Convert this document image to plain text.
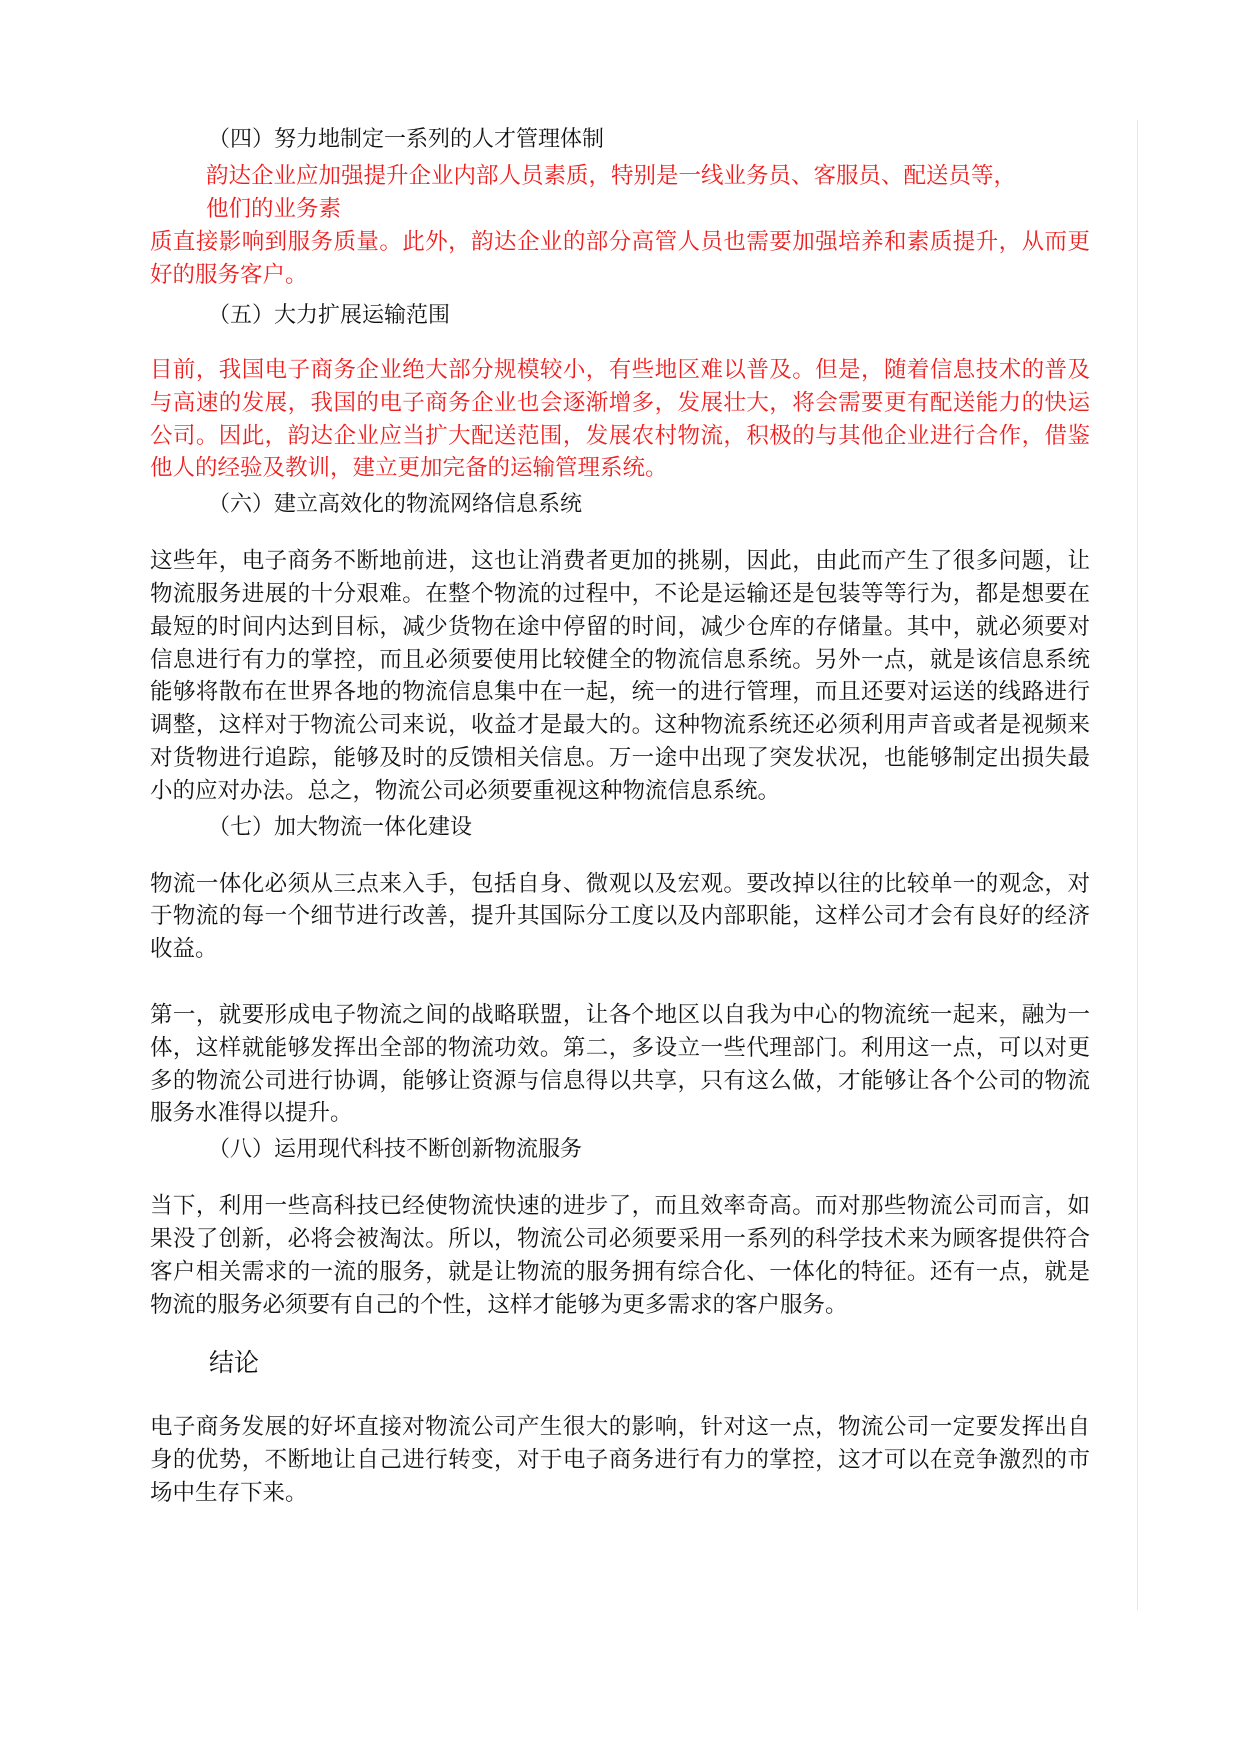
（四）努力地制定一系列的人才管理体制
韵达企业应加强提升企业内部人员素质，特别是一线业务员、客服员、配送员等，
他们的业务素
质直接影响到服务质量。此外，韵达企业的部分高管人员也需要加强培养和素质提升，从而更好的服务客户。
（五）大力扩展运输范围

目前，我国电子商务企业绝大部分规模较小，有些地区难以普及。但是，随着信息技术的普及与高速的发展，我国的电子商务企业也会逐渐增多，发展壮大，将会需要更有配送能力的快运公司。因此，韵达企业应当扩大配送范围，发展农村物流，积极的与其他企业进行合作，借鉴他人的经验及教训，建立更加完备的运输管理系统。

（六）建立高效化的物流网络信息系统

这些年，电子商务不断地前进，这也让消费者更加的挑剔，因此，由此而产生了很多问题，让物流服务进展的十分艰难。在整个物流的过程中，不论是运输还是包装等等行为，都是想要在最短的时间内达到目标，减少货物在途中停留的时间，减少仓库的存储量。其中，就必须要对信息进行有力的掌控，而且必须要使用比较健全的物流信息系统。另外一点，就是该信息系统能够将散布在世界各地的物流信息集中在一起，统一的进行管理，而且还要对运送的线路进行调整，这样对于物流公司来说，收益才是最大的。这种物流系统还必须利用声音或者是视频来对货物进行追踪，能够及时的反馈相关信息。万一途中出现了突发状况，也能够制定出损失最小的应对办法。总之，物流公司必须要重视这种物流信息系统。

（七）加大物流一体化建设

物流一体化必须从三点来入手，包括自身、微观以及宏观。要改掉以往的比较单一的观念，对于物流的每一个细节进行改善，提升其国际分工度以及内部职能，这样公司才会有良好的经济收益。

第一，就要形成电子物流之间的战略联盟，让各个地区以自我为中心的物流统一起来，融为一体，这样就能够发挥出全部的物流功效。第二，多设立一些代理部门。利用这一点，可以对更多的物流公司进行协调，能够让资源与信息得以共享，只有这么做，才能够让各个公司的物流服务水准得以提升。

（八）运用现代科技不断创新物流服务

当下，利用一些高科技已经使物流快速的进步了，而且效率奇高。而对那些物流公司而言，如果没了创新，必将会被淘汰。所以，物流公司必须要采用一系列的科学技术来为顾客提供符合客户相关需求的一流的服务，就是让物流的服务拥有综合化、一体化的特征。还有一点，就是物流的服务必须要有自己的个性，这样才能够为更多需求的客户服务。

结论

电子商务发展的好坏直接对物流公司产生很大的影响，针对这一点，物流公司一定要发挥出自身的优势，不断地让自己进行转变，对于电子商务进行有力的掌控，这才可以在竞争激烈的市场中生存下来。
